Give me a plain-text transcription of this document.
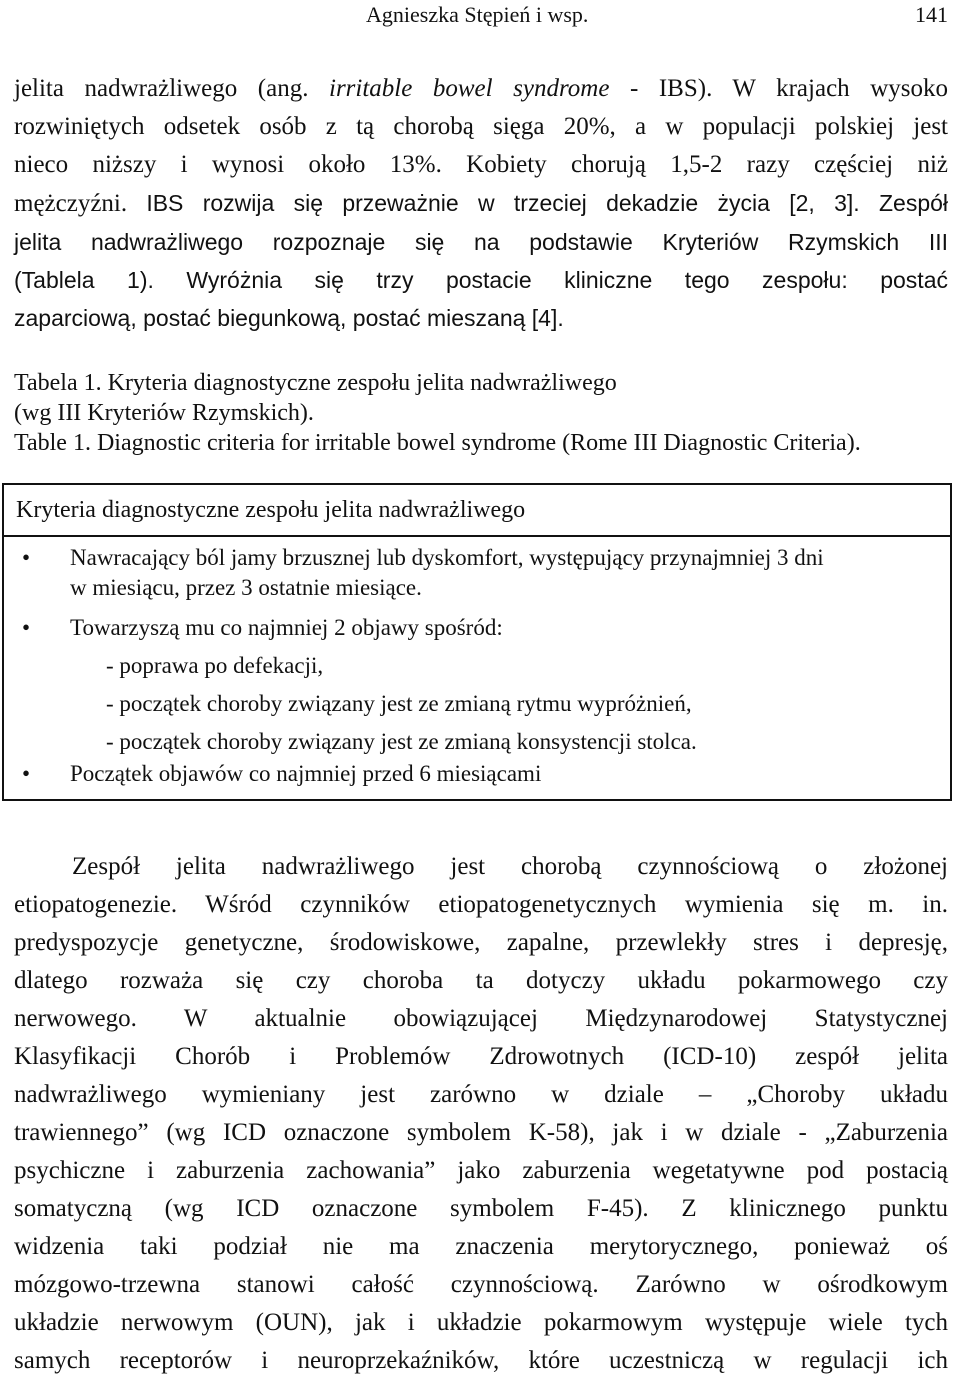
Agnieszka Stępień i wsp.	141
jelita nadwrażliwego (ang. irritable bowel syndrome - IBS). W krajach wysoko
rozwiniętych odsetek osób z tą chorobą sięga 20%, a w populacji polskiej jest
nieco niższy i wynosi około 13%. Kobiety chorują 1,5-2 razy częściej niż
mężczyźni. IBS rozwija się przeważnie w trzeciej dekadzie życia [2, 3]. Zespół
jelita nadwrażliwego rozpoznaje się na podstawie Kryteriów Rzymskich III
(Tablela 1). Wyróżnia się trzy postacie kliniczne tego zespołu: postać
zaparciową, postać biegunkową, postać mieszaną [4].
Tabela 1. Kryteria diagnostyczne zespołu jelita nadwrażliwego
(wg III Kryteriów Rzymskich).
Table 1. Diagnostic criteria for irritable bowel syndrome (Rome III Diagnostic Criteria).
Kryteria diagnostyczne zespołu jelita nadwrażliwego
• Nawracający ból jamy brzusznej lub dyskomfort, występujący przynajmniej 3 dni
w miesiącu, przez 3 ostatnie miesiące.
• Towarzyszą mu co najmniej 2 objawy spośród:
- poprawa po defekacji,
- początek choroby związany jest ze zmianą rytmu wypróżnień,
- początek choroby związany jest ze zmianą konsystencji stolca.
• Początek objawów co najmniej przed 6 miesiącami
Zespół jelita nadwrażliwego jest chorobą czynnościową o złożonej
etiopatogenezie. Wśród czynników etiopatogenetycznych wymienia się m. in.
predyspozycje genetyczne, środowiskowe, zapalne, przewlekły stres i depresję,
dlatego rozważa się czy choroba ta dotyczy układu pokarmowego czy
nerwowego. W aktualnie obowiązującej Międzynarodowej Statystycznej
Klasyfikacji Chorób i Problemów Zdrowotnych (ICD-10) zespół jelita
nadwrażliwego wymieniany jest zarówno w dziale – „Choroby układu
trawiennego” (wg ICD oznaczone symbolem K-58), jak i w dziale - „Zaburzenia
psychiczne i zaburzenia zachowania” jako zaburzenia wegetatywne pod postacią
somatyczną (wg ICD oznaczone symbolem F-45). Z klinicznego punktu
widzenia taki podział nie ma znaczenia merytorycznego, ponieważ oś
mózgowo-trzewna stanowi całość czynnościową. Zarówno w ośrodkowym
układzie nerwowym (OUN), jak i układzie pokarmowym występuje wiele tych
samych receptorów i neuroprzekaźników, które uczestniczą w regulacji ich
